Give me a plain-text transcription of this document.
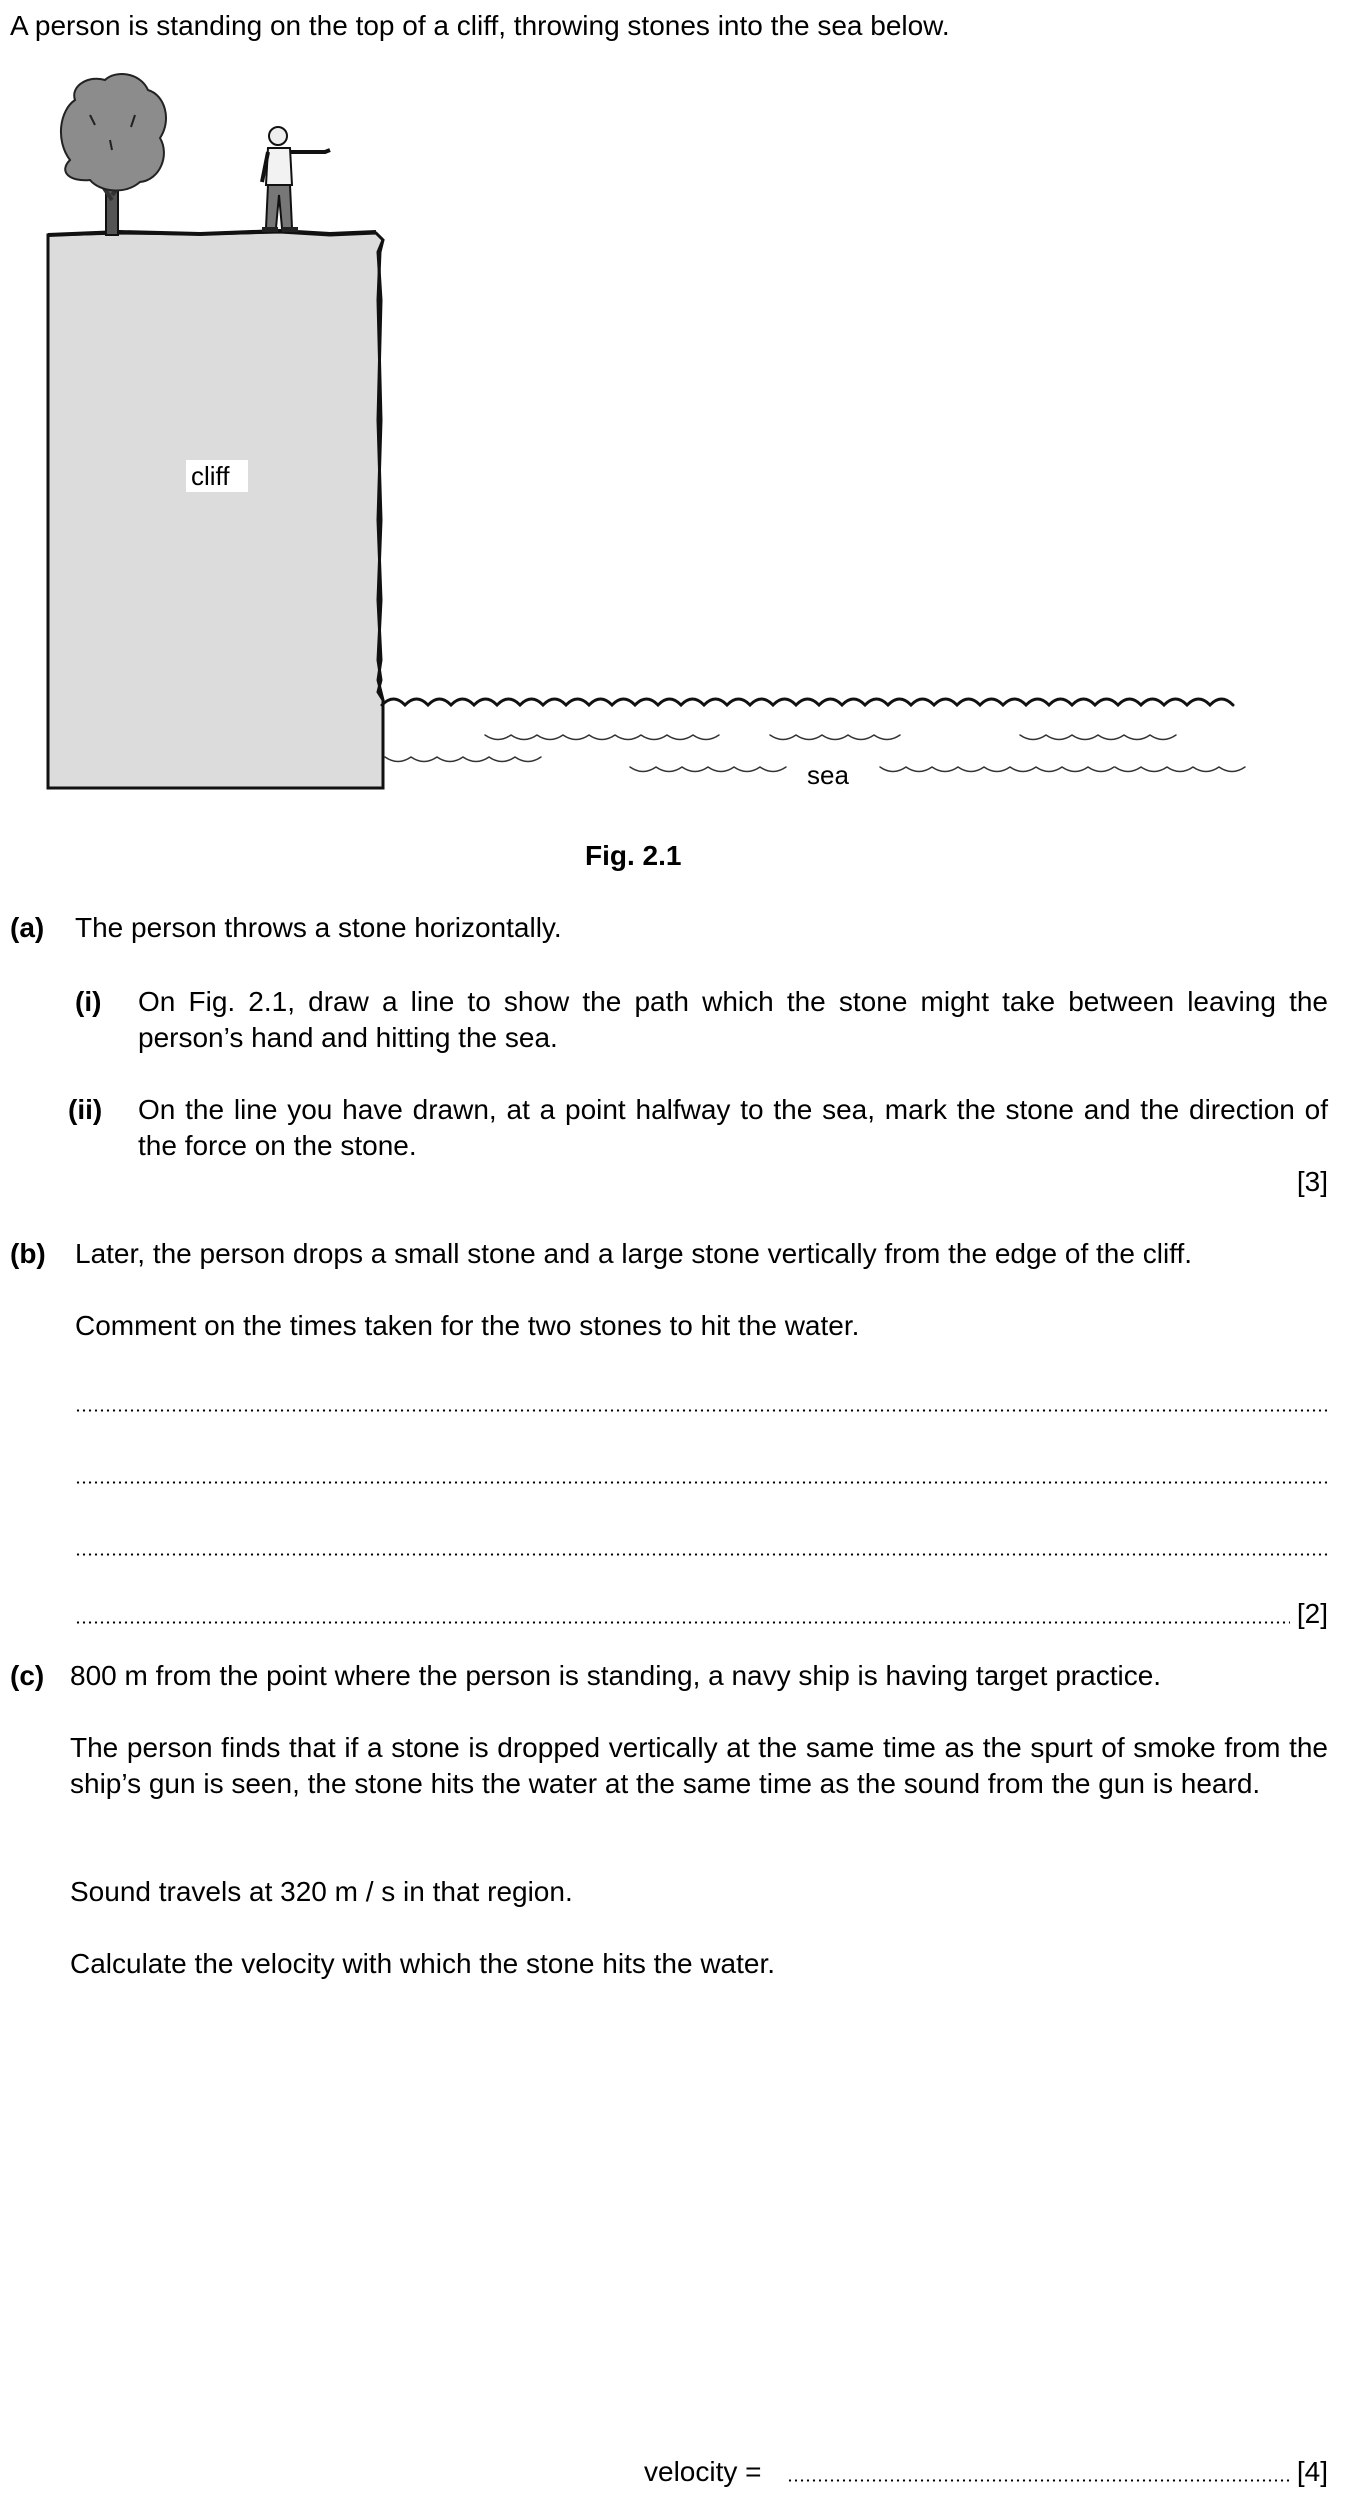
A person is standing on the top of a cliff, throwing stones into the sea below.
cliff
sea
Fig. 2.1
(a) The person throws a stone horizontally.
(i) On Fig. 2.1, draw a line to show the path which the stone might take between leaving the person’s hand and hitting the sea.
(ii) On the line you have drawn, at a point halfway to the sea, mark the stone and the direction of the force on the stone.
[3]
(b) Later, the person drops a small stone and a large stone vertically from the edge of the cliff.
Comment on the times taken for the two stones to hit the water.
[2]
(c) 800 m from the point where the person is standing, a navy ship is having target practice.
The person finds that if a stone is dropped vertically at the same time as the spurt of smoke from the ship’s gun is seen, the stone hits the water at the same time as the sound from the gun is heard.
Sound travels at 320 m / s in that region.
Calculate the velocity with which the stone hits the water.
velocity =	[4]
